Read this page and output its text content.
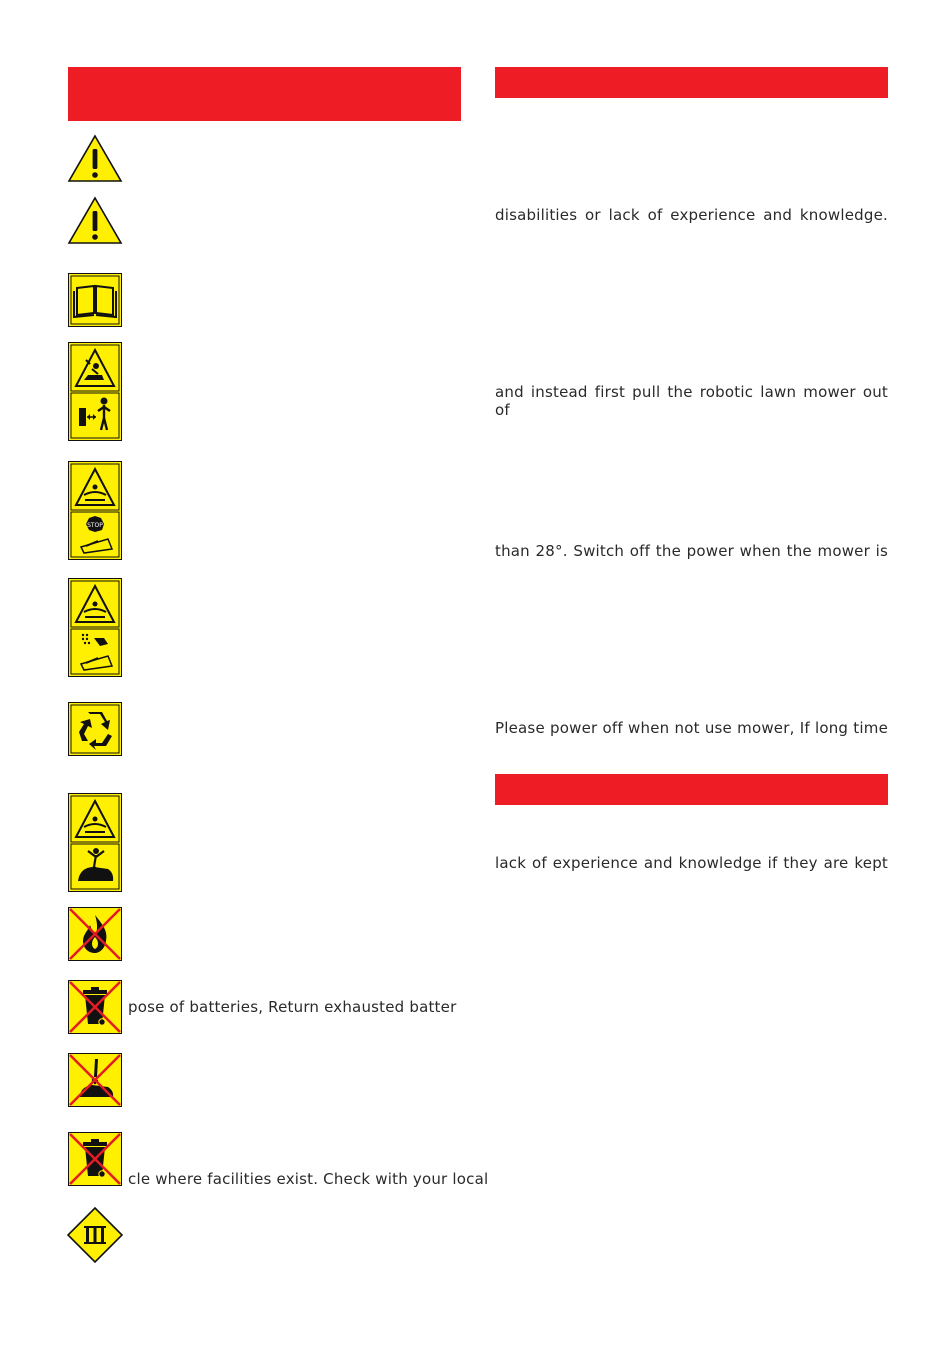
STOP
pose of batteries, Return exhausted batter
cle where facilities exist. Check with your local
disabilities or lack of experience and knowledge.
and instead first pull the robotic lawn mower out of
than 28°. Switch off the power when the mower is
Please power off when not use mower, If long time
lack of experience and knowledge if they are kept
